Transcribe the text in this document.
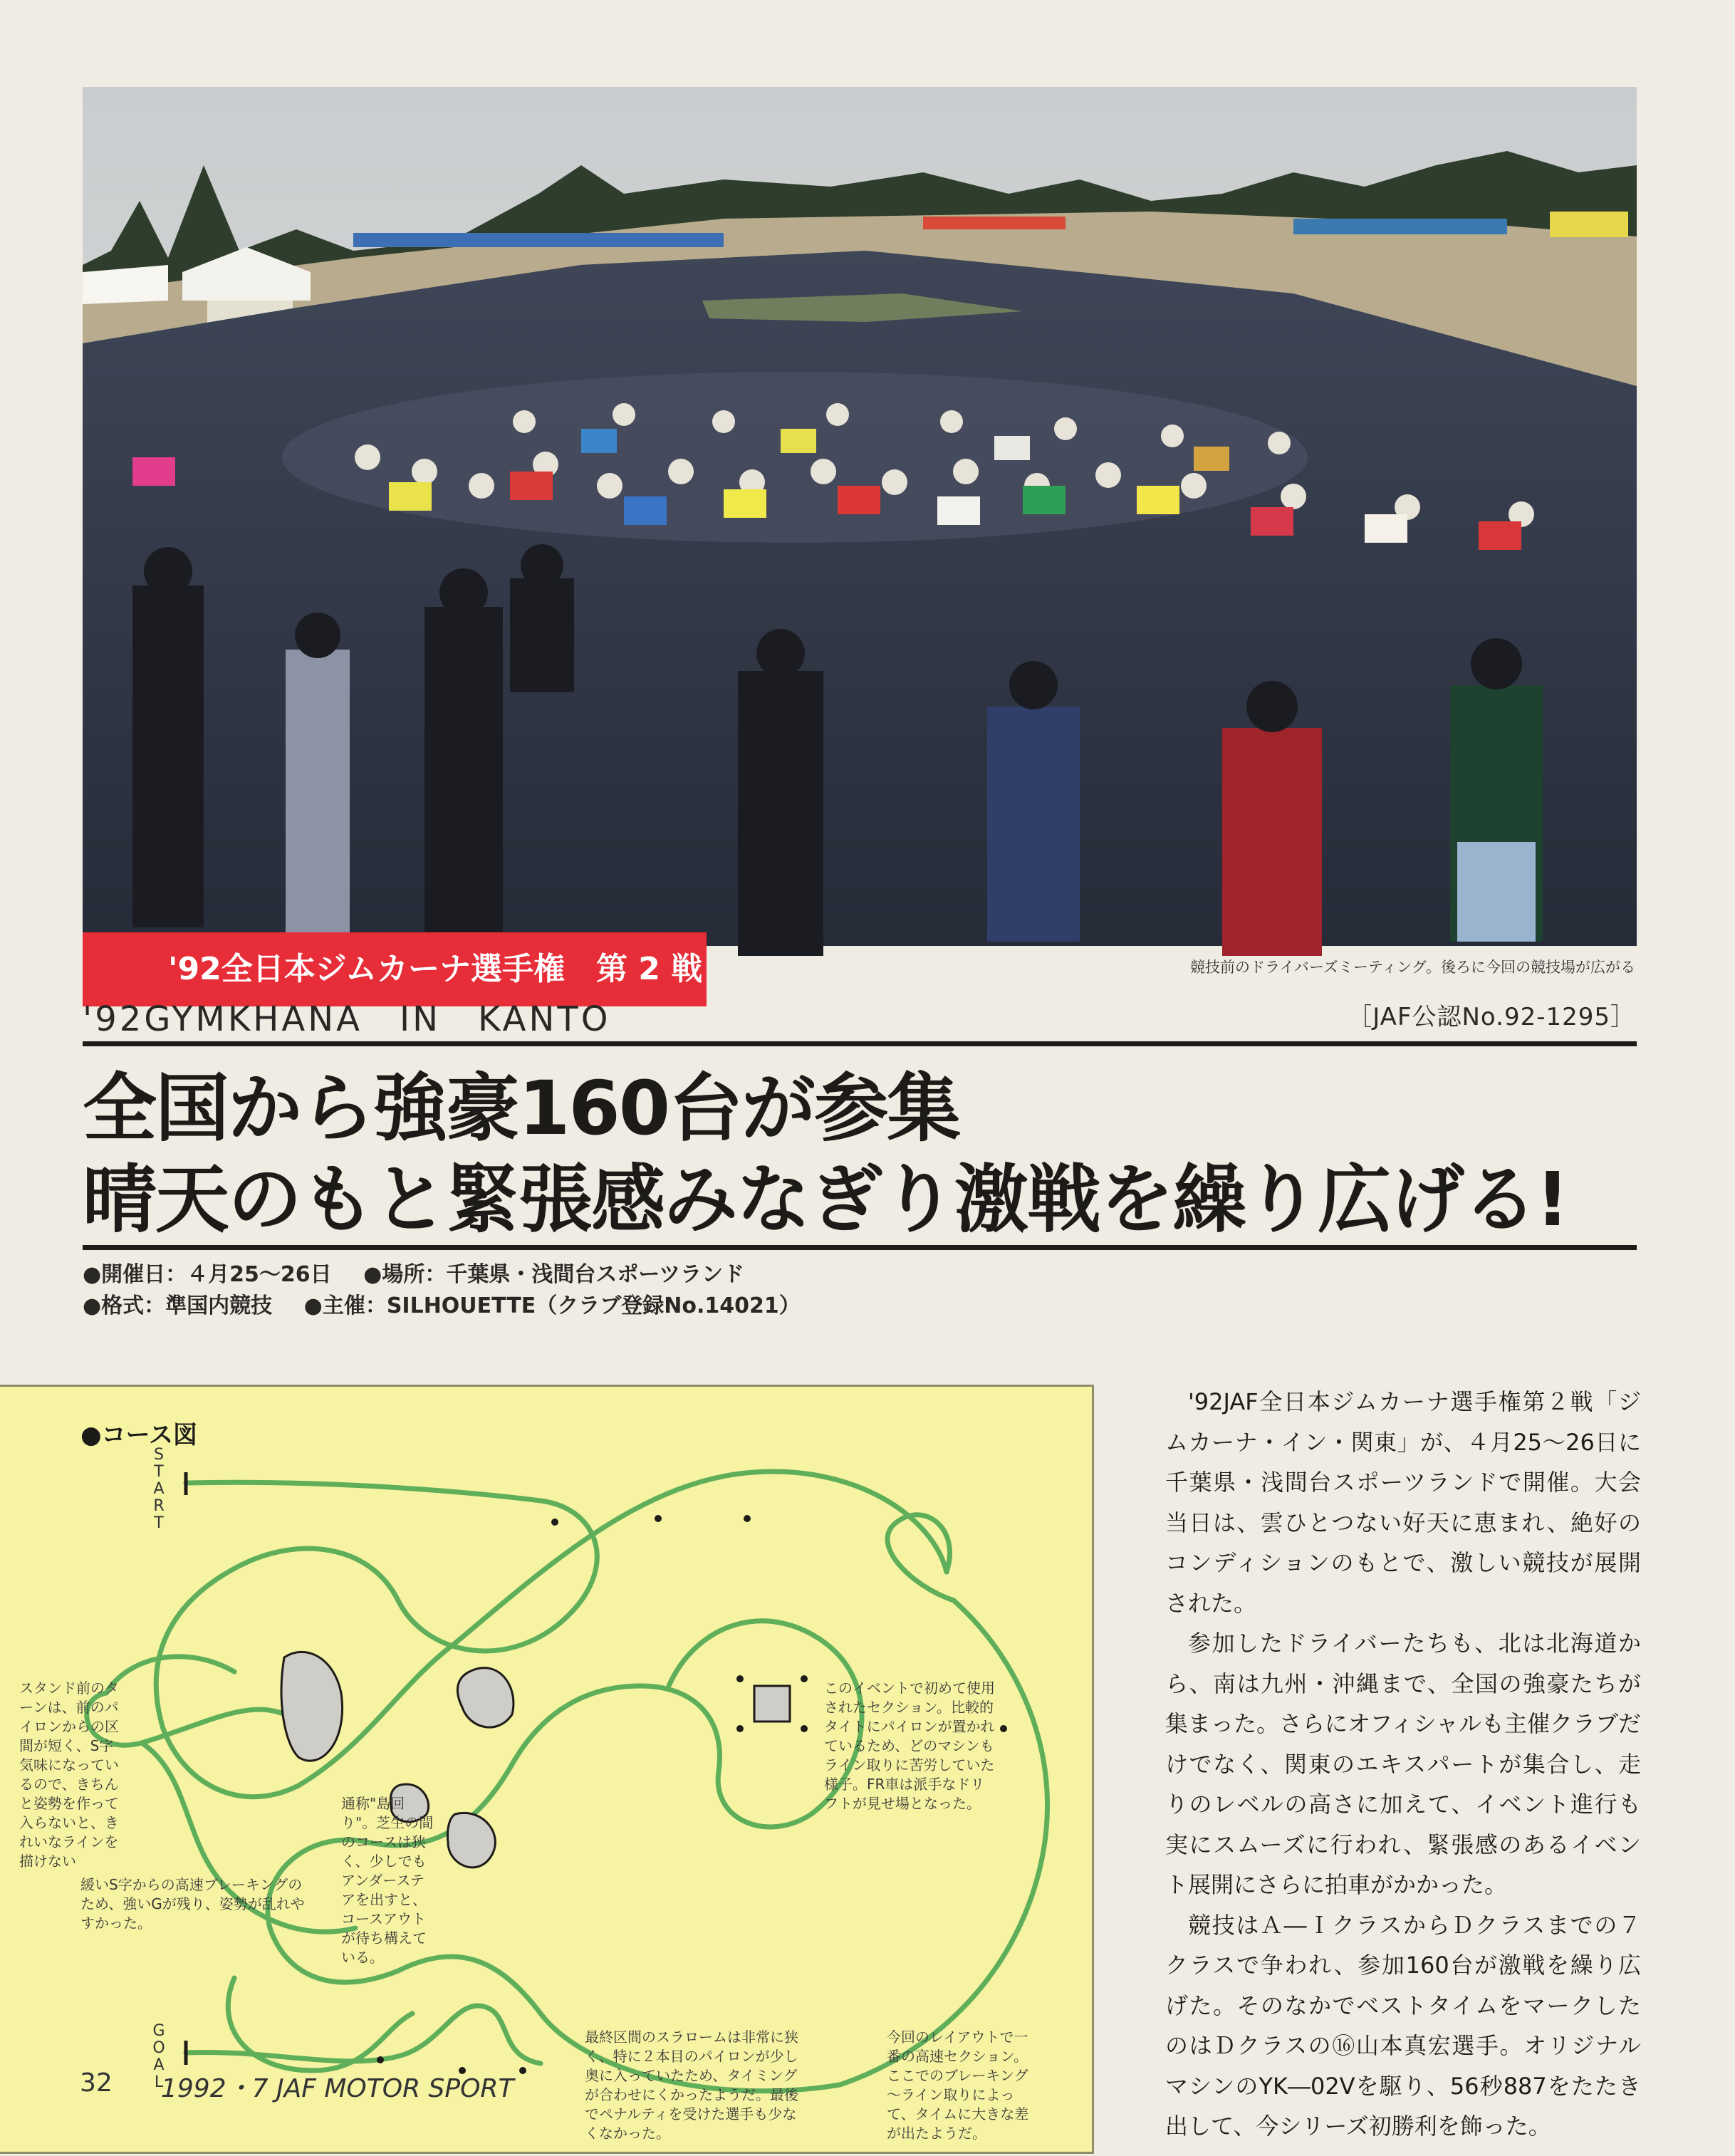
'92全日本ジムカーナ選手権　第 2 戦	競技前のドライバーズミーティング。後ろに今回の競技場が広がる
'92GYMKHANA　IN　KANTO	［JAF公認No.92-1295］
全国から強豪160台が参集
晴天のもと緊張感みなぎり激戦を繰り広げる!
●開催日：４月25～26日 ●場所：千葉県・浅間台スポーツランド
●格式：準国内競技 ●主催：SILHOUETTE（クラブ登録No.14021）
●コース図
START
GOAL
スタンド前のターンは、前のパイロンからの区間が短く、S字気味になっているので、きちんと姿勢を作って入らないと、きれいなラインを描けない
緩いS字からの高速ブレーキングのため、強いGが残り、姿勢が乱れやすかった。
通称"島回り"。芝生の間のコースは狭く、少しでもアンダーステアを出すと、コースアウトが待ち構えている。
このイベントで初めて使用されたセクション。比較的タイトにパイロンが置かれているため、どのマシンもライン取りに苦労していた様子。FR車は派手なドリフトが見せ場となった。
最終区間のスラロームは非常に狭く、特に２本目のパイロンが少し奥に入っていたため、タイミングが合わせにくかったようだ。最後でペナルティを受けた選手も少なくなかった。
今回のレイアウトで一番の高速セクション。ここでのブレーキング～ライン取りによって、タイムに大きな差が出たようだ。

'92JAF全日本ジムカーナ選手権第２戦「ジムカーナ・イン・関東」が、４月25～26日に千葉県・浅間台スポーツランドで開催。大会当日は、雲ひとつない好天に恵まれ、絶好のコンディションのもとで、激しい競技が展開された。

参加したドライバーたちも、北は北海道から、南は九州・沖縄まで、全国の強豪たちが集まった。さらにオフィシャルも主催クラブだけでなく、関東のエキスパートが集合し、走りのレベルの高さに加えて、イベント進行も実にスムーズに行われ、緊張感のあるイベント展開にさらに拍車がかかった。

競技はＡ―ＩクラスからＤクラスまでの７クラスで争われ、参加160台が激戦を繰り広げた。そのなかでベストタイムをマークしたのはＤクラスの⑯山本真宏選手。オリジナルマシンのYK―02Vを駆り、56秒887をたたき出して、今シリーズ初勝利を飾った。

32 1992・7 JAF MOTOR SPORT
